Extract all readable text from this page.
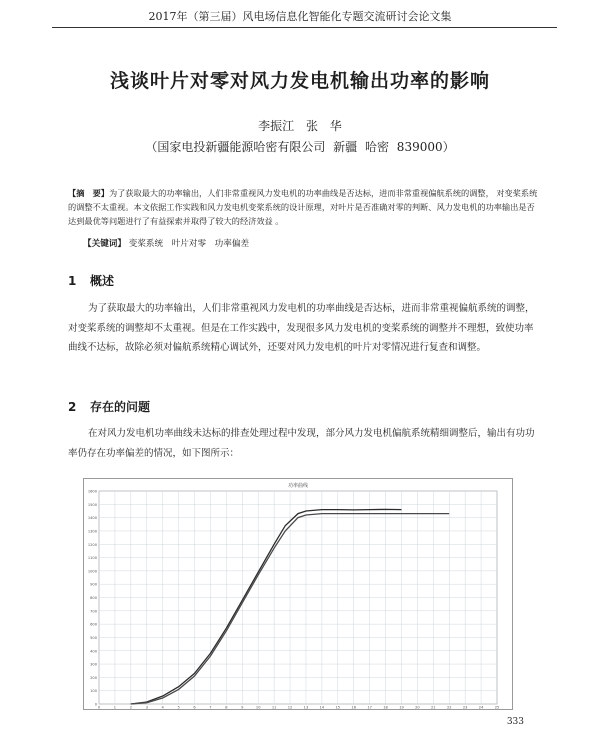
2017年（第三届）风电场信息化智能化专题交流研讨会论文集
浅谈叶片对零对风力发电机输出功率的影响
李振江 张 华
（国家电投新疆能源哈密有限公司 新疆 哈密 839000）
【摘　要】为了获取最大的功率输出，人们非常重视风力发电机的功率曲线是否达标，进而非常重视偏航系统的调整， 对变桨系统的调整不太重视。本文依据工作实践和风力发电机变桨系统的设计原理，对叶片是否准确对零的判断、风力发电机的功率输出是否达到最优等问题进行了有益探索并取得了较大的经济效益 。
【关键词】 变桨系统　叶片对零　功率偏差
1 概述
为了获取最大的功率输出，人们非常重视风力发电机的功率曲线是否达标，进而非常重视偏航系统的调整，对变桨系统的调整却不太重视。但是在工作实践中，发现很多风力发电机的变桨系统的调整并不理想，致使功率曲线不达标，故除必须对偏航系统精心调试外，还要对风力发电机的叶片对零情况进行复查和调整。
2 存在的问题
在对风力发电机功率曲线未达标的排查处理过程中发现，部分风力发电机偏航系统精细调整后，输出有功功率仍存在功率偏差的情况，如下图所示：
功率曲线
0
100
200
300
400
500
600
700
800
900
1000
1100
1200
1300
1400
1500
1600
0	1	2	3	4	5	6	7	8	9	10	11	12	13	14	15	16	17	18	19	20	21	22	23	24	25
333
